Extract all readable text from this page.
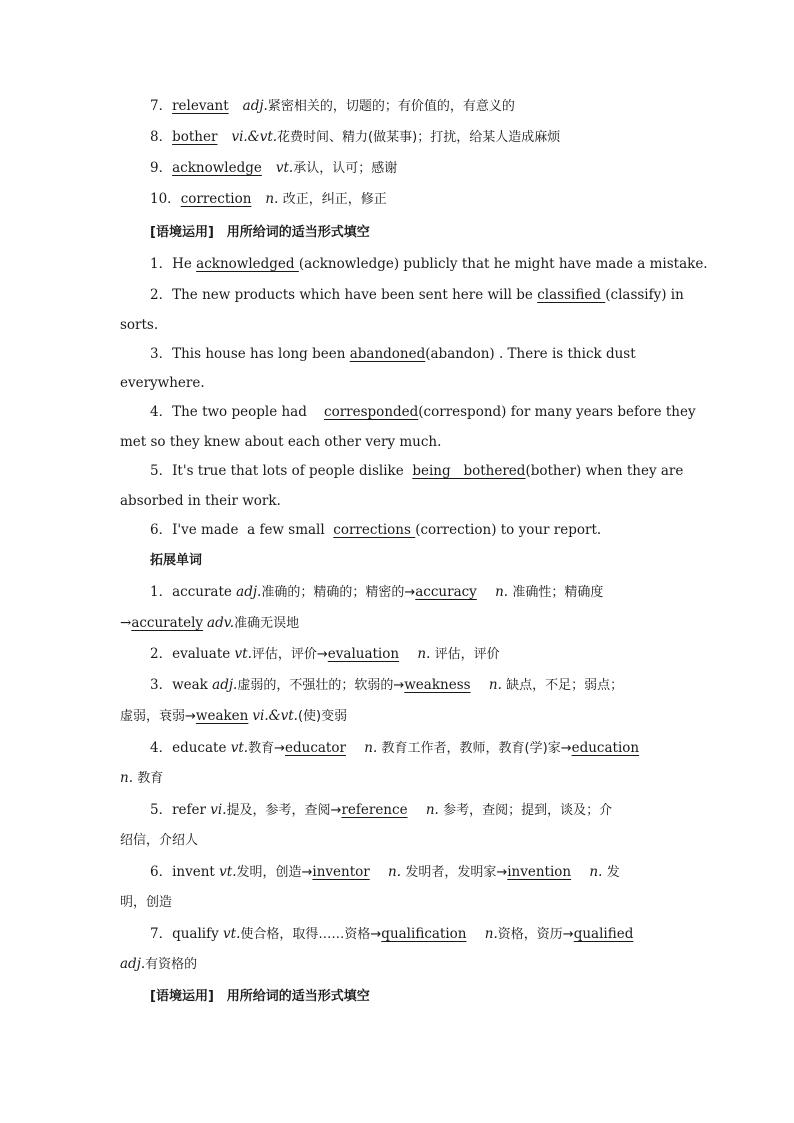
7．relevant adj.紧密相关的，切题的；有价值的，有意义的
8．bother vi.&vt.花费时间、精力(做某事)；打扰，给某人造成麻烦
9．acknowledge vt.承认，认可；感谢
10．correction n. 改正，纠正，修正
[语境运用] 用所给词的适当形式填空
1．He acknowledged (acknowledge) publicly that he might have made a mistake.
2．The new products which have been sent here will be classified (classify) in
sorts.
3．This house has long been abandoned(abandon) . There is thick dust
everywhere.
4．The two people had    corresponded(correspond) for many years before they
met so they knew about each other very much.
5．It's true that lots of people dislike  being   bothered(bother) when they are
absorbed in their work.
6．I've made  a few small  corrections (correction) to your report.
拓展单词
1．accurate adj.准确的；精确的；精密的→accuracy n. 准确性；精确度
→accurately adv.准确无误地
2．evaluate vt.评估，评价→evaluation n. 评估，评价
3．weak adj.虚弱的，不强壮的；软弱的→weakness n. 缺点，不足；弱点；
虚弱，衰弱→weaken vi.&vt.(使)变弱
4．educate vt.教育→educator n. 教育工作者，教师，教育(学)家→education
n. 教育
5．refer vi.提及，参考，查阅→reference n. 参考，查阅；提到，谈及；介
绍信，介绍人
6．invent vt.发明，创造→inventor n. 发明者，发明家→invention n. 发
明，创造
7．qualify vt.使合格，取得……资格→qualification n.资格，资历→qualified
adj.有资格的
[语境运用] 用所给词的适当形式填空
